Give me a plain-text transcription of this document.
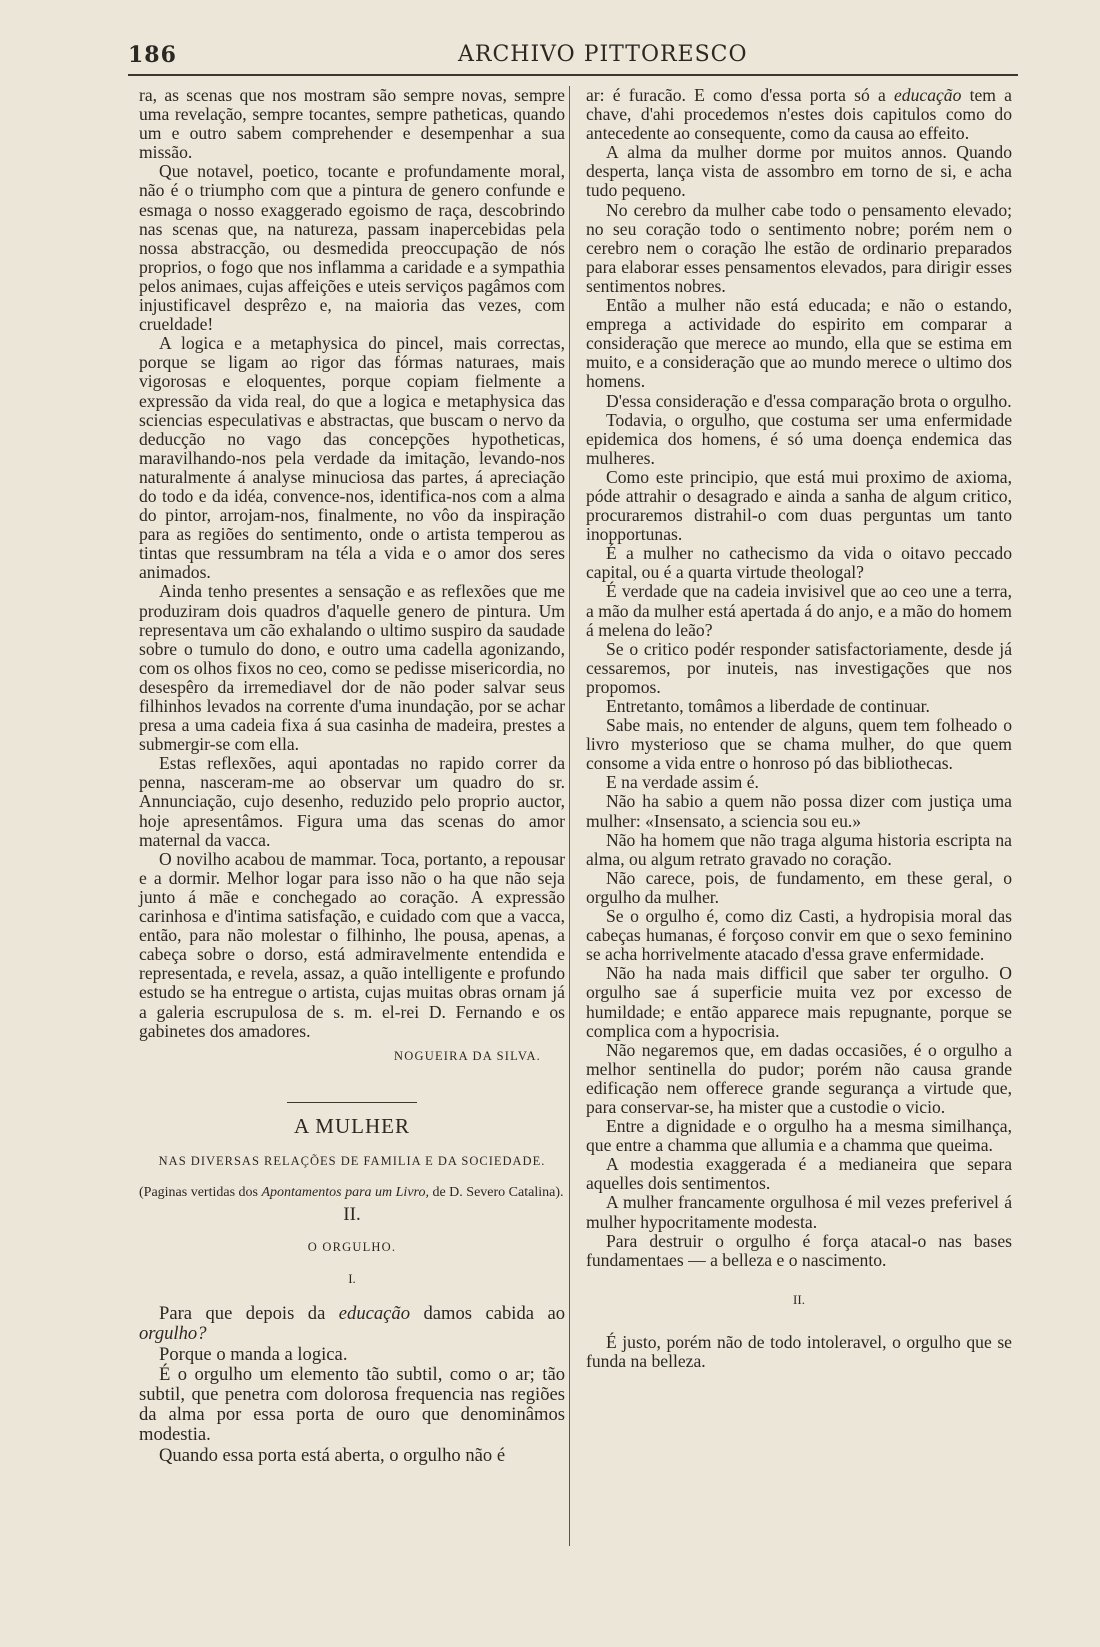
186	ARCHIVO PITTORESCO

ra, as scenas que nos mostram são sempre novas, sempre uma revelação, sempre tocantes, sempre patheticas, quando um e outro sabem comprehender e desempenhar a sua missão.

Que notavel, poetico, tocante e profundamente moral, não é o triumpho com que a pintura de genero confunde e esmaga o nosso exaggerado egoismo de raça, descobrindo nas scenas que, na natureza, passam inapercebidas pela nossa abstracção, ou desmedida preoccupação de nós proprios, o fogo que nos inflamma a caridade e a sympathia pelos animaes, cujas affeições e uteis serviços pagâmos com injustificavel desprêzo e, na maioria das vezes, com crueldade!

A logica e a metaphysica do pincel, mais correctas, porque se ligam ao rigor das fórmas naturaes, mais vigorosas e eloquentes, porque copiam fielmente a expressão da vida real, do que a logica e metaphysica das sciencias especulativas e abstractas, que buscam o nervo da deducção no vago das concepções hypotheticas, maravilhando-nos pela verdade da imitação, levando-nos naturalmente á analyse minuciosa das partes, á apreciação do todo e da idéa, convence-nos, identifica-nos com a alma do pintor, arrojam-nos, finalmente, no vôo da inspiração para as regiões do sentimento, onde o artista temperou as tintas que ressumbram na téla a vida e o amor dos seres animados.

Ainda tenho presentes a sensação e as reflexões que me produziram dois quadros d'aquelle genero de pintura. Um representava um cão exhalando o ultimo suspiro da saudade sobre o tumulo do dono, e outro uma cadella agonizando, com os olhos fixos no ceo, como se pedisse misericordia, no desespêro da irremediavel dor de não poder salvar seus filhinhos levados na corrente d'uma inundação, por se achar presa a uma cadeia fixa á sua casinha de madeira, prestes a submergir-se com ella.

Estas reflexões, aqui apontadas no rapido correr da penna, nasceram-me ao observar um quadro do sr. Annunciação, cujo desenho, reduzido pelo proprio auctor, hoje apresentâmos. Figura uma das scenas do amor maternal da vacca.

O novilho acabou de mammar. Toca, portanto, a repousar e a dormir. Melhor logar para isso não o ha que não seja junto á mãe e conchegado ao coração. A expressão carinhosa e d'intima satisfação, e cuidado com que a vacca, então, para não molestar o filhinho, lhe pousa, apenas, a cabeça sobre o dorso, está admiravelmente entendida e representada, e revela, assaz, a quão intelligente e profundo estudo se ha entregue o artista, cujas muitas obras ornam já a galeria escrupulosa de s. m. el-rei D. Fernando e os gabinetes dos amadores.

NOGUEIRA DA SILVA.
A MULHER
NAS DIVERSAS RELAÇÕES DE FAMILIA E DA SOCIEDADE.
(Paginas vertidas dos Apontamentos para um Livro, de D. Severo Catalina).
II.
O ORGULHO.
I.

Para que depois da educação damos cabida ao orgulho?

Porque o manda a logica.

É o orgulho um elemento tão subtil, como o ar; tão subtil, que penetra com dolorosa frequencia nas regiões da alma por essa porta de ouro que denominâmos modestia.

Quando essa porta está aberta, o orgulho não é

ar: é furacão. E como d'essa porta só a educação tem a chave, d'ahi procedemos n'estes dois capitulos como do antecedente ao consequente, como da causa ao effeito.

A alma da mulher dorme por muitos annos. Quando desperta, lança vista de assombro em torno de si, e acha tudo pequeno.

No cerebro da mulher cabe todo o pensamento elevado; no seu coração todo o sentimento nobre; porém nem o cerebro nem o coração lhe estão de ordinario preparados para elaborar esses pensamentos elevados, para dirigir esses sentimentos nobres.

Então a mulher não está educada; e não o estando, emprega a actividade do espirito em comparar a consideração que merece ao mundo, ella que se estima em muito, e a consideração que ao mundo merece o ultimo dos homens.

D'essa consideração e d'essa comparação brota o orgulho.

Todavia, o orgulho, que costuma ser uma enfermidade epidemica dos homens, é só uma doença endemica das mulheres.

Como este principio, que está mui proximo de axioma, póde attrahir o desagrado e ainda a sanha de algum critico, procuraremos distrahil-o com duas perguntas um tanto inopportunas.

É a mulher no cathecismo da vida o oitavo peccado capital, ou é a quarta virtude theologal?

É verdade que na cadeia invisivel que ao ceo une a terra, a mão da mulher está apertada á do anjo, e a mão do homem á melena do leão?

Se o critico podér responder satisfactoriamente, desde já cessaremos, por inuteis, nas investigações que nos propomos.

Entretanto, tomâmos a liberdade de continuar.

Sabe mais, no entender de alguns, quem tem folheado o livro mysterioso que se chama mulher, do que quem consome a vida entre o honroso pó das bibliothecas.

E na verdade assim é.

Não ha sabio a quem não possa dizer com justiça uma mulher: «Insensato, a sciencia sou eu.»

Não ha homem que não traga alguma historia escripta na alma, ou algum retrato gravado no coração.

Não carece, pois, de fundamento, em these geral, o orgulho da mulher.

Se o orgulho é, como diz Casti, a hydropisia moral das cabeças humanas, é forçoso convir em que o sexo feminino se acha horrivelmente atacado d'essa grave enfermidade.

Não ha nada mais difficil que saber ter orgulho. O orgulho sae á superficie muita vez por excesso de humildade; e então apparece mais repugnante, porque se complica com a hypocrisia.

Não negaremos que, em dadas occasiões, é o orgulho a melhor sentinella do pudor; porém não causa grande edificação nem offerece grande segurança a virtude que, para conservar-se, ha mister que a custodie o vicio.

Entre a dignidade e o orgulho ha a mesma similhança, que entre a chamma que allumia e a chamma que queima.

A modestia exaggerada é a medianeira que separa aquelles dois sentimentos.

A mulher francamente orgulhosa é mil vezes preferivel á mulher hypocritamente modesta.

Para destruir o orgulho é força atacal-o nas bases fundamentaes — a belleza e o nascimento.

II.

É justo, porém não de todo intoleravel, o orgulho que se funda na belleza.
